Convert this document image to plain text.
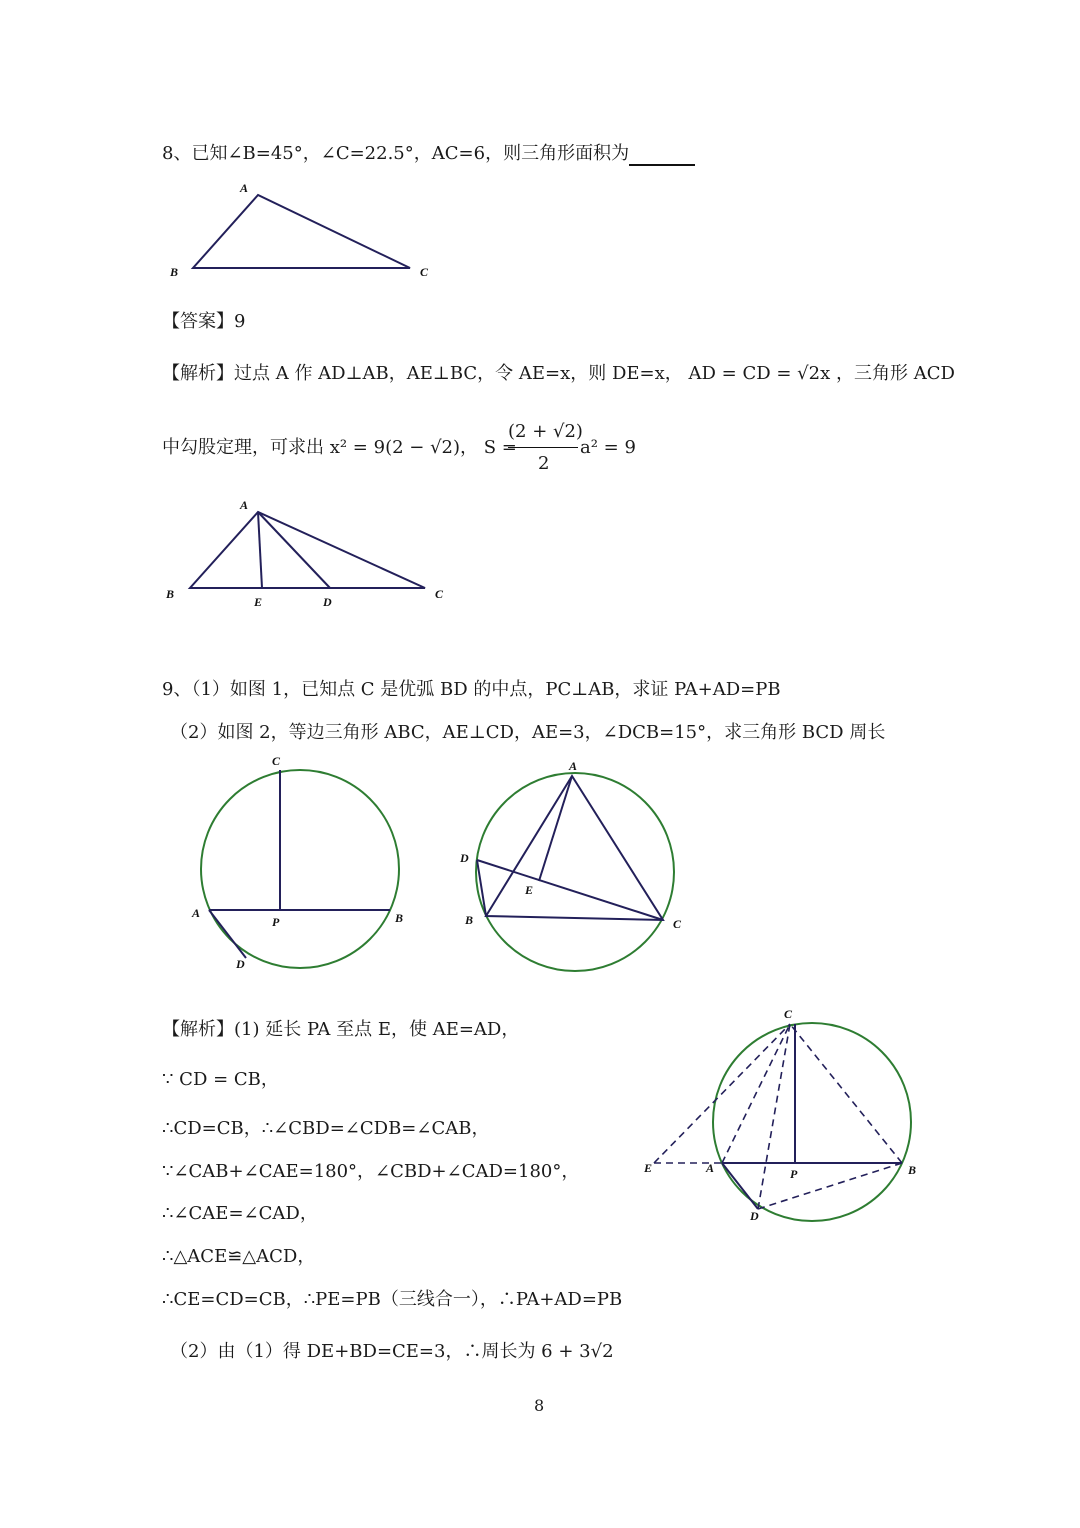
8、已知∠B=45°，∠C=22.5°，AC=6，则三角形面积为
A
B	C
【答案】9
【解析】过点 A 作 AD⊥AB，AE⊥BC，令 AE=x，则 DE=x， AD = CD = √2x ，三角形 ACD
中勾股定理，可求出 x² = 9(2 − √2)， S =
(2 + √2)
2
a² = 9
A
B
E	D
C
9、（1）如图 1，已知点 C 是优弧 BD 的中点，PC⊥AB，求证 PA+AD=PB
（2）如图 2，等边三角形 ABC，AE⊥CD，AE=3，∠DCB=15°，求三角形 BCD 周长
C
A
P	B
D
A
D
E
B	C
【解析】(1) 延长 PA 至点 E，使 AE=AD，
∵ CD = CB，
∴CD=CB，∴∠CBD=∠CDB=∠CAB，
∵∠CAB+∠CAE=180°，∠CBD+∠CAD=180°，
∴∠CAE=∠CAD，
∴△ACE≌△ACD，
∴CE=CD=CB，∴PE=PB（三线合一），∴PA+AD=PB
（2）由（1）得 DE+BD=CE=3，∴周长为 6 + 3√2
C
E	A	P	B
D
8
